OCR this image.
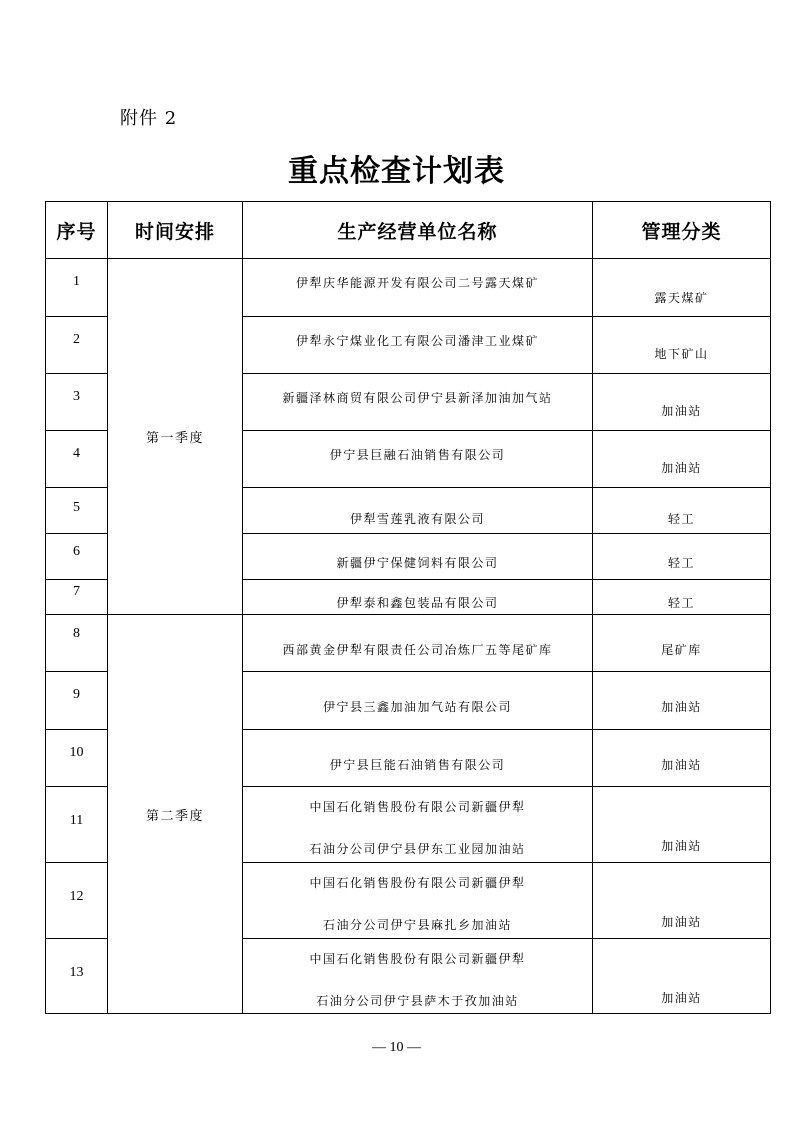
附件 2
重点检查计划表
序号	时间安排	生产经营单位名称	管理分类

1	第一季度	伊犁庆华能源开发有限公司二号露天煤矿	露天煤矿

2		伊犁永宁煤业化工有限公司潘津工业煤矿	地下矿山

3		新疆泽林商贸有限公司伊宁县新泽加油加气站	加油站

4		伊宁县巨融石油销售有限公司	加油站

5		伊犁雪莲乳液有限公司	轻工

6		新疆伊宁保健饲料有限公司	轻工

7		伊犁泰和鑫包装品有限公司	轻工

8	第二季度	西部黄金伊犁有限责任公司冶炼厂五等尾矿库	尾矿库

9		伊宁县三鑫加油加气站有限公司	加油站

10		伊宁县巨能石油销售有限公司	加油站

11		中国石化销售股份有限公司新疆伊犁
石油分公司伊宁县伊东工业园加油站	加油站

12		中国石化销售股份有限公司新疆伊犁
石油分公司伊宁县麻扎乡加油站	加油站

13		中国石化销售股份有限公司新疆伊犁
石油分公司伊宁县萨木于孜加油站	加油站
— 10 —
